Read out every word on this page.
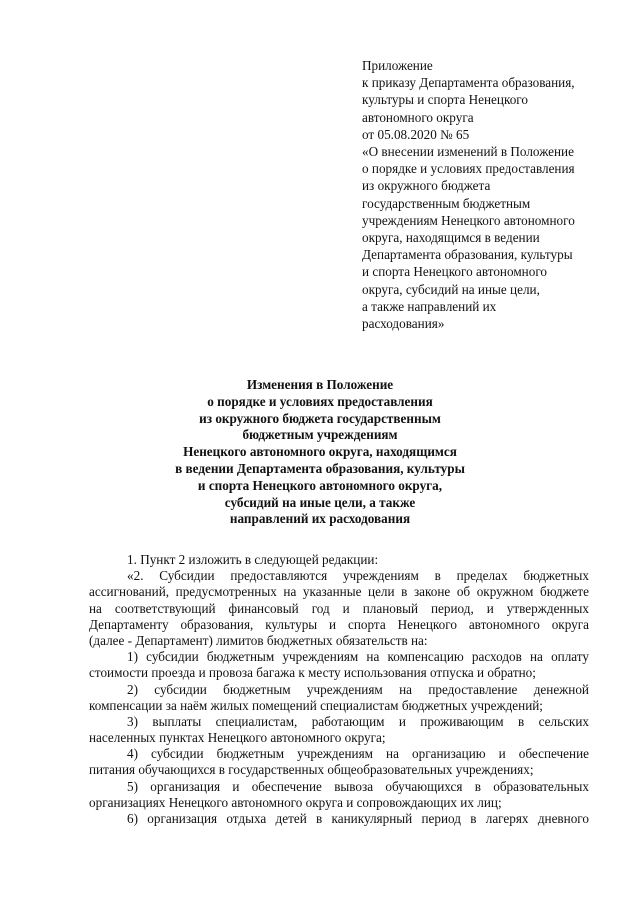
Приложение
к приказу Департамента образования,
культуры и спорта Ненецкого
автономного округа
от 05.08.2020 № 65
«О внесении изменений в Положение
о порядке и условиях предоставления
из окружного бюджета
государственным бюджетным
учреждениям Ненецкого автономного
округа, находящимся в ведении
Департамента образования, культуры
и спорта Ненецкого автономного
округа, субсидий на иные цели,
а также направлений их
расходования»
Изменения в Положение
о порядке и условиях предоставления
из окружного бюджета государственным
бюджетным учреждениям
Ненецкого автономного округа, находящимся
в ведении Департамента образования, культуры
и спорта Ненецкого автономного округа,
субсидий на иные цели, а также
направлений их расходования
1. Пункт 2 изложить в следующей редакции:
«2. Субсидии предоставляются учреждениям в пределах бюджетных
ассигнований, предусмотренных на указанные цели в законе об окружном бюджете
на соответствующий финансовый год и плановый период, и утвержденных
Департаменту образования, культуры и спорта Ненецкого автономного округа
(далее - Департамент) лимитов бюджетных обязательств на:
1) субсидии бюджетным учреждениям на компенсацию расходов на оплату
стоимости проезда и провоза багажа к месту использования отпуска и обратно;
2) субсидии бюджетным учреждениям на предоставление денежной
компенсации за наём жилых помещений специалистам бюджетных учреждений;
3) выплаты специалистам, работающим и проживающим в сельских
населенных пунктах Ненецкого автономного округа;
4) субсидии бюджетным учреждениям на организацию и обеспечение
питания обучающихся в государственных общеобразовательных учреждениях;
5) организация и обеспечение вывоза обучающихся в образовательных
организациях Ненецкого автономного округа и сопровождающих их лиц;
6) организация отдыха детей в каникулярный период в лагерях дневного
